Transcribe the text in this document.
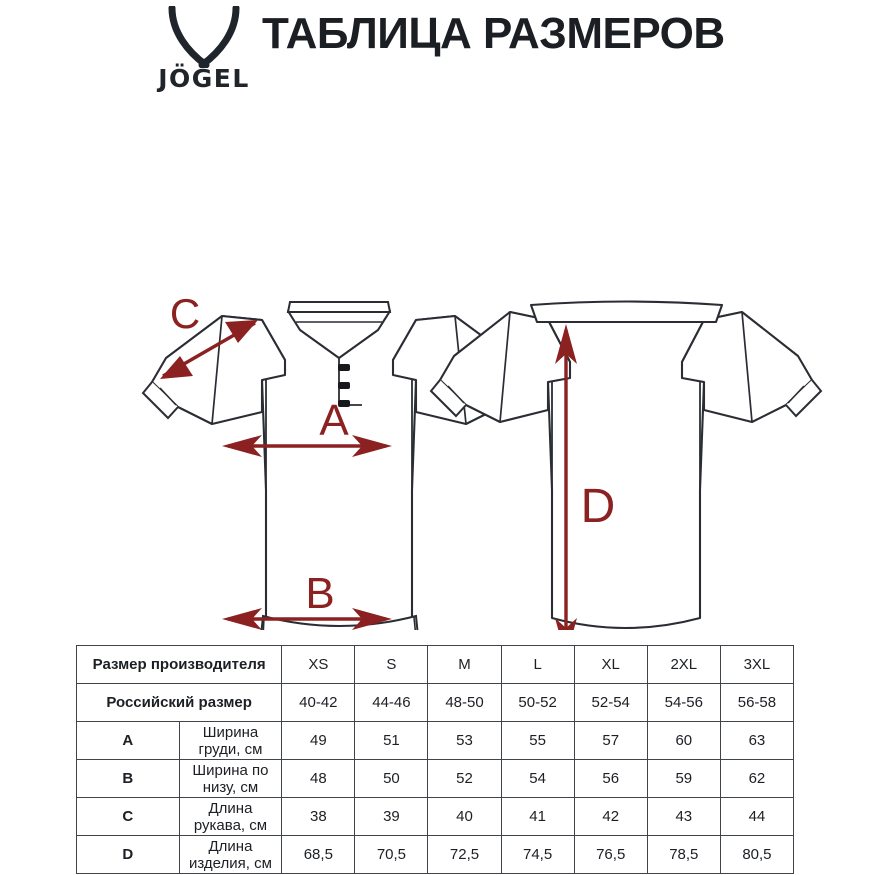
JÖGEL
ТАБЛИЦА РАЗМЕРОВ
C
A
B
D
Размер производителя		XS	S	M	L	XL	2XL	3XL
Российский размер		40-42	44-46	48-50	50-52	52-54	54-56	56-58
A	Ширина груди, см	49	51	53	55	57	60	63
B	Ширина по низу, см	48	50	52	54	56	59	62
C	Длина рукава, см	38	39	40	41	42	43	44
D	Длина изделия, см	68,5	70,5	72,5	74,5	76,5	78,5	80,5
